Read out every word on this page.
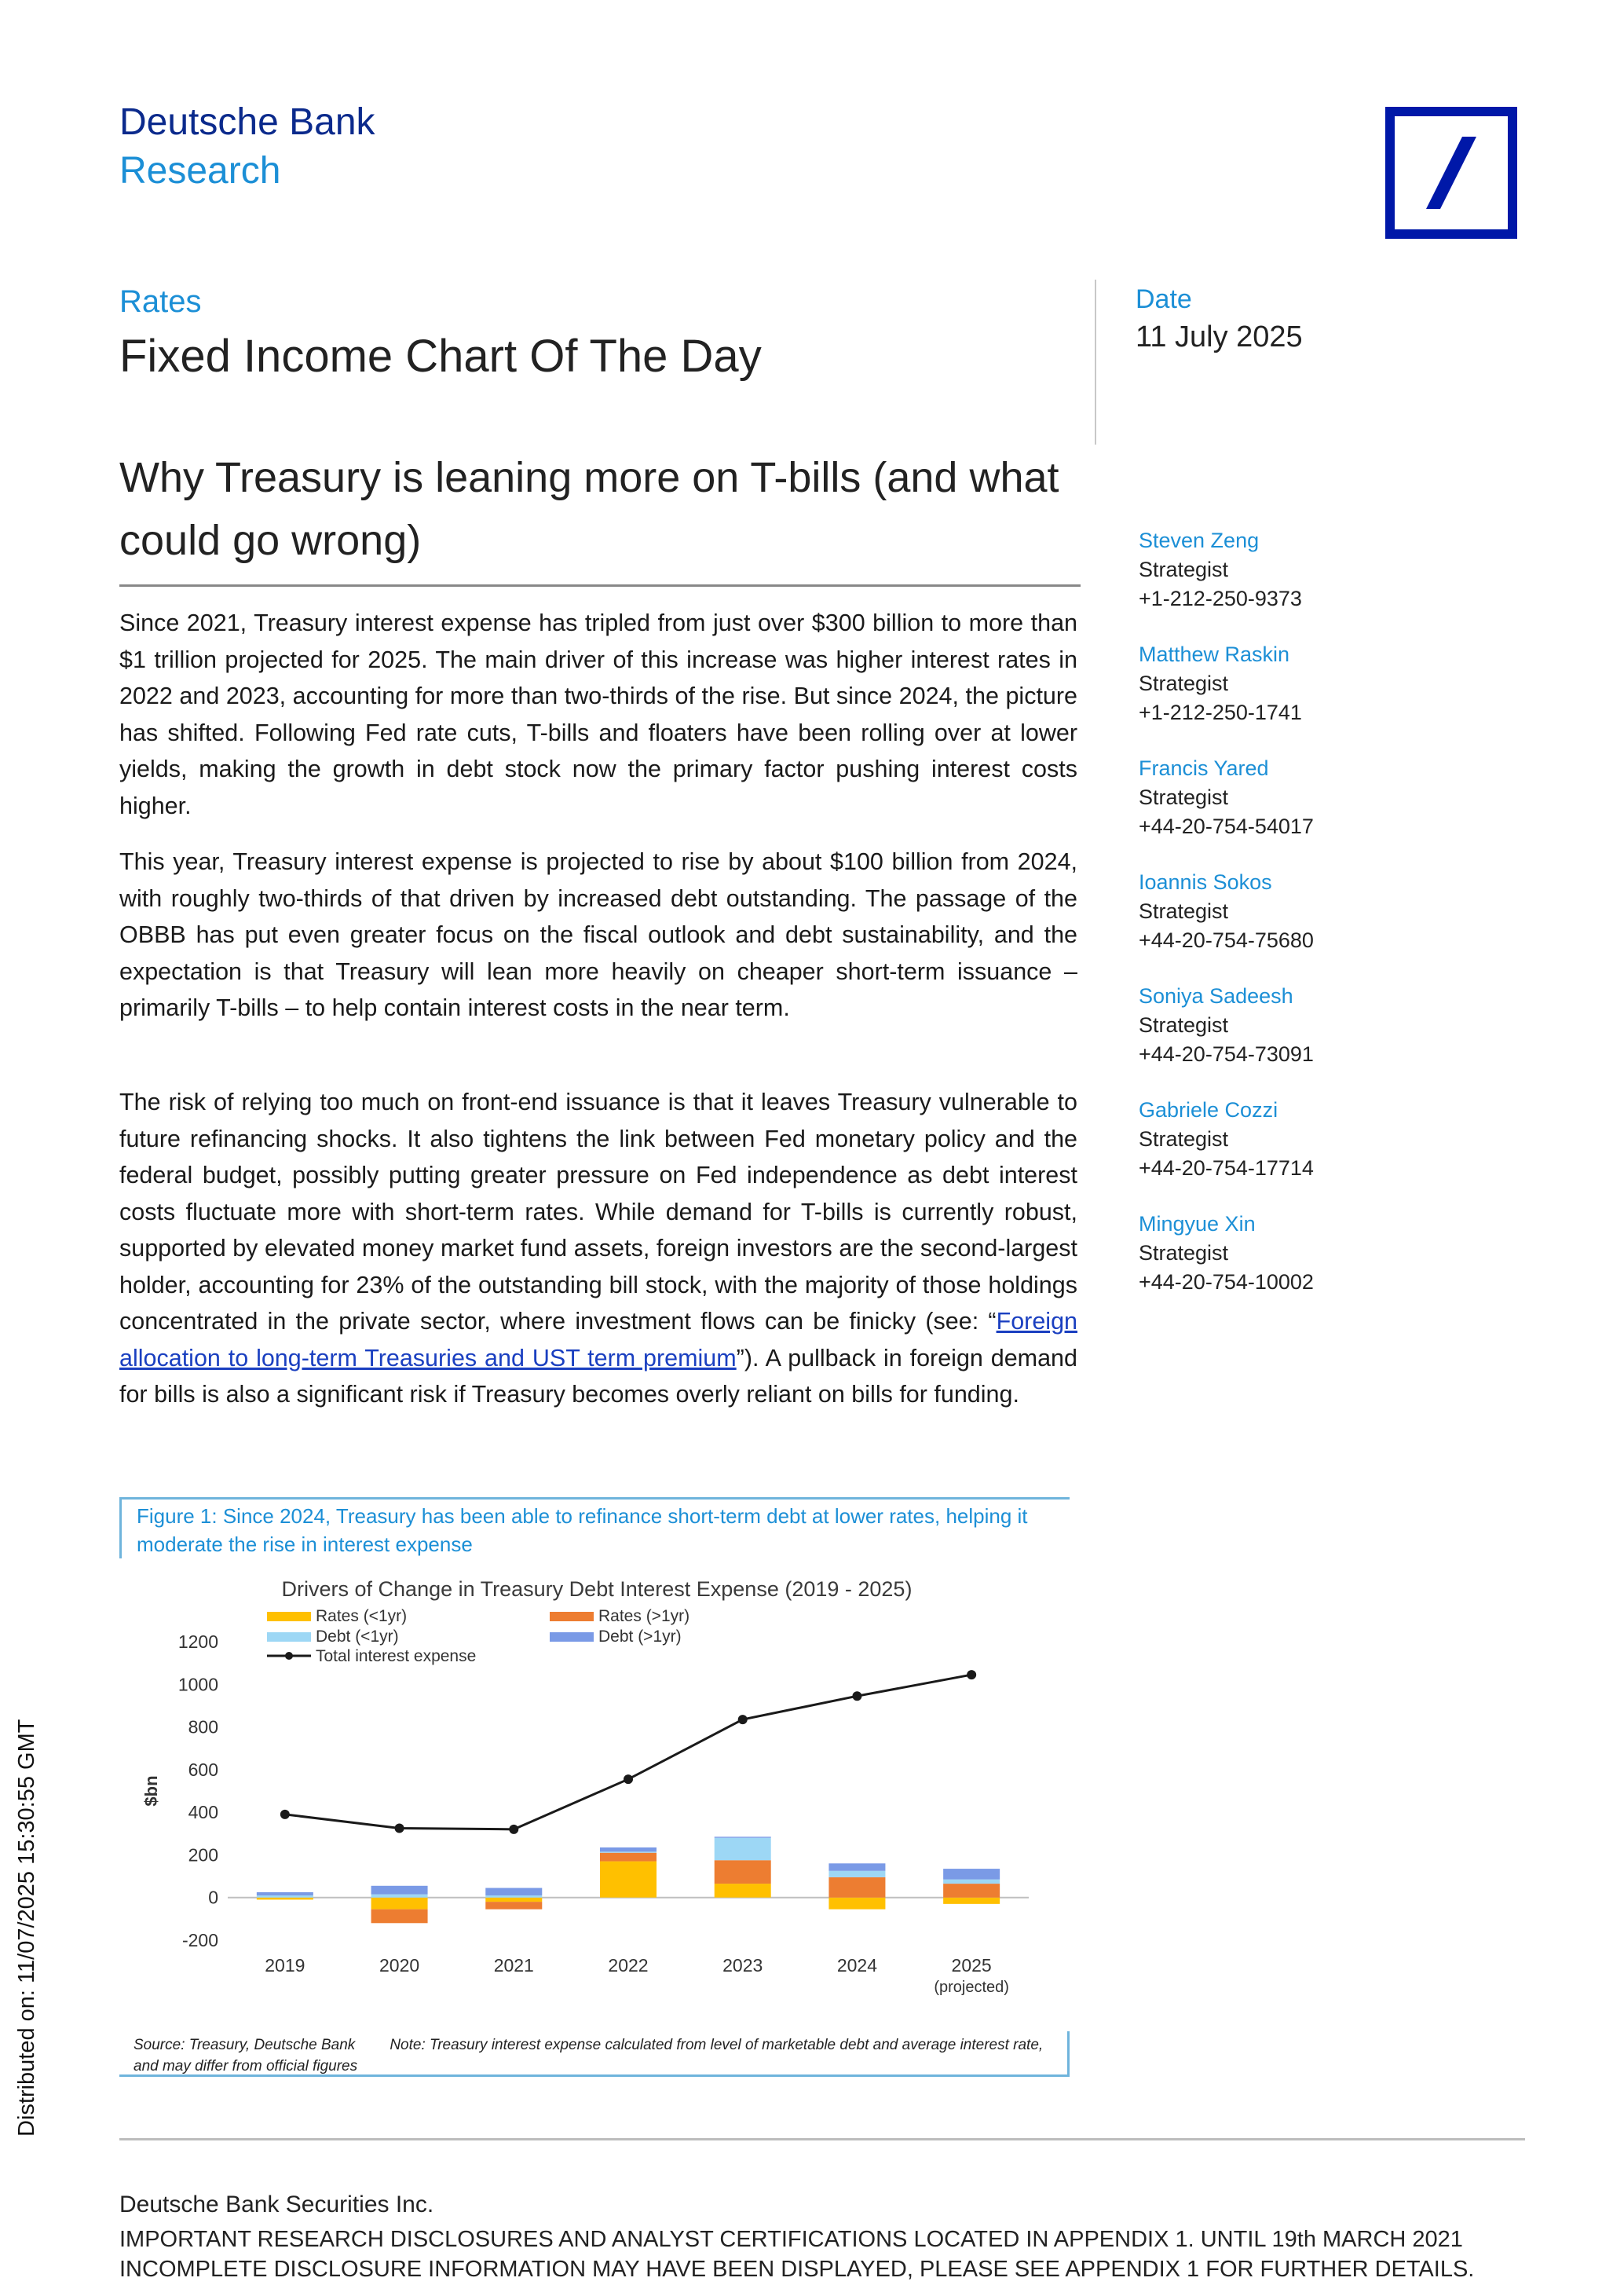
Deutsche Bank
Research
Rates
Fixed Income Chart Of The Day
Date
11 July 2025
Why Treasury is leaning more on T-bills (and what could go wrong)
Since 2021, Treasury interest expense has tripled from just over $300 billion to more than $1 trillion projected for 2025. The main driver of this increase was higher interest rates in 2022 and 2023, accounting for more than two-thirds of the rise. But since 2024, the picture has shifted. Following Fed rate cuts, T-bills and floaters have been rolling over at lower yields, making the growth in debt stock now the primary factor pushing interest costs higher.
This year, Treasury interest expense is projected to rise by about $100 billion from 2024, with roughly two-thirds of that driven by increased debt outstanding. The passage of the OBBB has put even greater focus on the fiscal outlook and debt sustainability, and the expectation is that Treasury will lean more heavily on cheaper short-term issuance – primarily T-bills – to help contain interest costs in the near term.
The risk of relying too much on front-end issuance is that it leaves Treasury vulnerable to future refinancing shocks. It also tightens the link between Fed monetary policy and the federal budget, possibly putting greater pressure on Fed independence as debt interest costs fluctuate more with short-term rates. While demand for T-bills is currently robust, supported by elevated money market fund assets, foreign investors are the second-largest holder, accounting for 23% of the outstanding bill stock, with the majority of those holdings concentrated in the private sector, where investment flows can be finicky (see: “Foreign allocation to long-term Treasuries and UST term premium”). A pullback in foreign demand for bills is also a significant risk if Treasury becomes overly reliant on bills for funding.
Steven Zeng
Strategist
+1-212-250-9373
Matthew Raskin
Strategist
+1-212-250-1741
Francis Yared
Strategist
+44-20-754-54017
Ioannis Sokos
Strategist
+44-20-754-75680
Soniya Sadeesh
Strategist
+44-20-754-73091
Gabriele Cozzi
Strategist
+44-20-754-17714
Mingyue Xin
Strategist
+44-20-754-10002
Figure 1: Since 2024, Treasury has been able to refinance short-term debt at lower rates, helping it moderate the rise in interest expense
Drivers of Change in Treasury Debt Interest Expense (2019 - 2025)
$bn
-200
0
200
400
600
800
1000
1200
2019	2020	2021	2022	2023	2024	2025
(projected)
Rates (<1yr)	Rates (>1yr)
Debt (<1yr)	Debt (>1yr)
Total interest expense
Source: Treasury, Deutsche Bank Note: Treasury interest expense calculated from level of marketable debt and average interest rate, and may differ from official figures
Deutsche Bank Securities Inc.
IMPORTANT RESEARCH DISCLOSURES AND ANALYST CERTIFICATIONS LOCATED IN APPENDIX 1. UNTIL 19th MARCH 2021
INCOMPLETE DISCLOSURE INFORMATION MAY HAVE BEEN DISPLAYED, PLEASE SEE APPENDIX 1 FOR FURTHER DETAILS.
Distributed on: 11/07/2025 15:30:55 GMT
